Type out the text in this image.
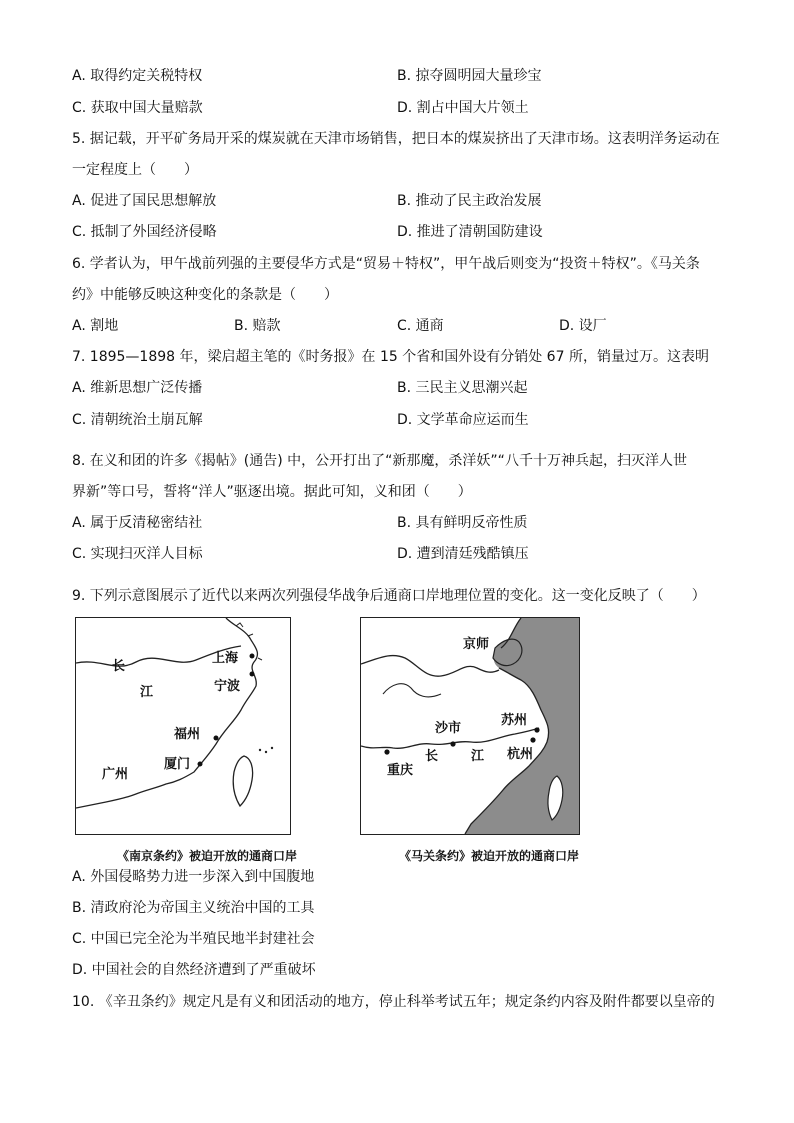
A. 取得约定关税特权	B. 掠夺圆明园大量珍宝
C. 获取中国大量赔款	D. 割占中国大片领土
5. 据记载，开平矿务局开采的煤炭就在天津市场销售，把日本的煤炭挤出了天津市场。这表明洋务运动在
一定程度上（　　）
A. 促进了国民思想解放	B. 推动了民主政治发展
C. 抵制了外国经济侵略	D. 推进了清朝国防建设
6. 学者认为，甲午战前列强的主要侵华方式是“贸易＋特权”，甲午战后则变为“投资＋特权”。《马关条
约》中能够反映这种变化的条款是（　　）
A. 割地	B. 赔款	C. 通商	D. 设厂
7. 1895—1898 年，梁启超主笔的《时务报》在 15 个省和国外设有分销处 67 所，销量过万。这表明
A. 维新思想广泛传播	B. 三民主义思潮兴起
C. 清朝统治土崩瓦解	D. 文学革命应运而生
8. 在义和团的许多《揭帖》(通告) 中，公开打出了“新那魔，杀洋妖”“八千十万神兵起，扫灭洋人世
界新”等口号，誓将“洋人”驱逐出境。据此可知，义和团（　　）
A. 属于反清秘密结社	B. 具有鲜明反帝性质
C. 实现扫灭洋人目标	D. 遭到清廷残酷镇压
9. 下列示意图展示了近代以来两次列强侵华战争后通商口岸地理位置的变化。这一变化反映了（　　）
长
江
上海
宁波
福州
厦门
广州
《南京条约》被迫开放的通商口岸
京师
沙市
苏州
杭州
重庆
长	江
《马关条约》被迫开放的通商口岸
A. 外国侵略势力进一步深入到中国腹地
B. 清政府沦为帝国主义统治中国的工具
C. 中国已完全沦为半殖民地半封建社会
D. 中国社会的自然经济遭到了严重破坏
10. 《辛丑条约》规定凡是有义和团活动的地方，停止科举考试五年；规定条约内容及附件都要以皇帝的
